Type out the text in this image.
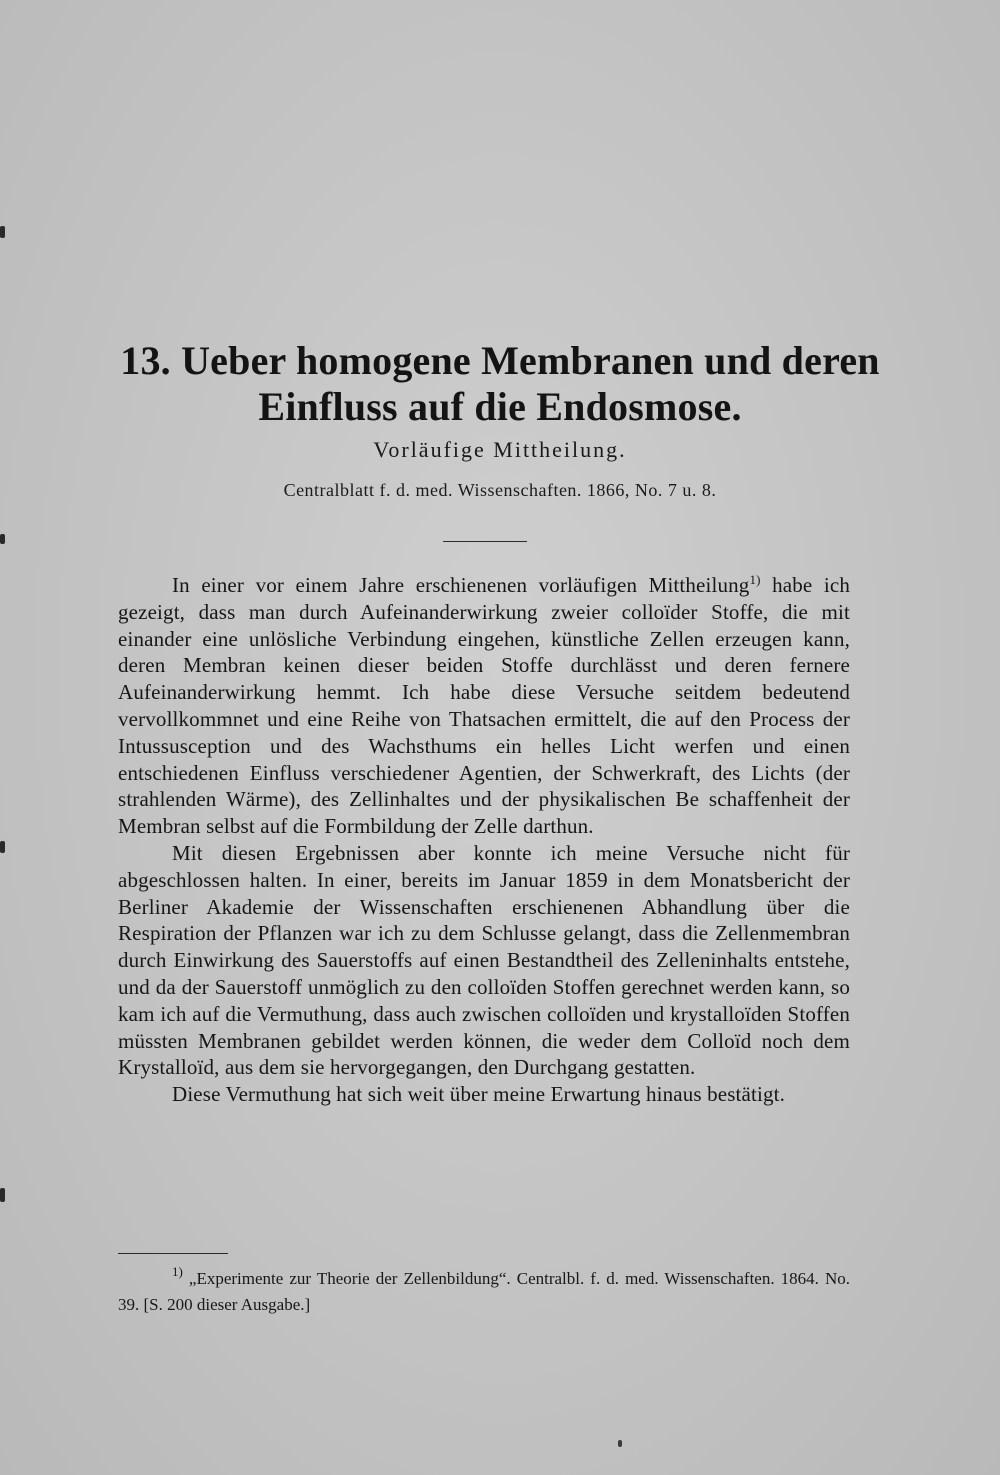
13. Ueber homogene Membranen und deren
Einfluss auf die Endosmose.
Vorläufige Mittheilung.
Centralblatt f. d. med. Wissenschaften. 1866, No. 7 u. 8.

In einer vor einem Jahre erschienenen vorläufigen Mittheilung$^{1)}$ habe ich gezeigt, dass man durch Aufeinanderwirkung zweier colloïder Stoffe, die mit einander eine unlösliche Verbindung eingehen, künstliche Zellen erzeugen kann, deren Membran keinen dieser beiden Stoffe durchlässt und deren fernere Aufeinanderwirkung hemmt. Ich habe diese Versuche seitdem bedeutend vervollkommnet und eine Reihe von Thatsachen ermittelt, die auf den Process der Intussusception und des Wachsthums ein helles Licht werfen und einen entschiedenen Einfluss verschiedener Agentien, der Schwerkraft, des Lichts (der strahlenden Wärme), des Zellinhaltes und der physikalischen Be schaffenheit der Membran selbst auf die Formbildung der Zelle darthun.

Mit diesen Ergebnissen aber konnte ich meine Versuche nicht für abgeschlossen halten. In einer, bereits im Januar 1859 in dem Monatsbericht der Berliner Akademie der Wissenschaften erschienenen Abhandlung über die Respiration der Pflanzen war ich zu dem Schlusse gelangt, dass die Zellenmembran durch Einwirkung des Sauerstoffs auf einen Bestandtheil des Zelleninhalts entstehe, und da der Sauerstoff unmöglich zu den colloïden Stoffen gerechnet werden kann, so kam ich auf die Vermuthung, dass auch zwischen colloïden und krystalloïden Stoffen müssten Membranen gebildet werden können, die weder dem Colloïd noch dem Krystalloïd, aus dem sie hervorgegangen, den Durchgang gestatten.

Diese Vermuthung hat sich weit über meine Erwartung hinaus bestätigt.

$^{1)}$ „Experimente zur Theorie der Zellenbildung“. Centralbl. f. d. med. Wissenschaften. 1864. No. 39. [S. 200 dieser Ausgabe.]
